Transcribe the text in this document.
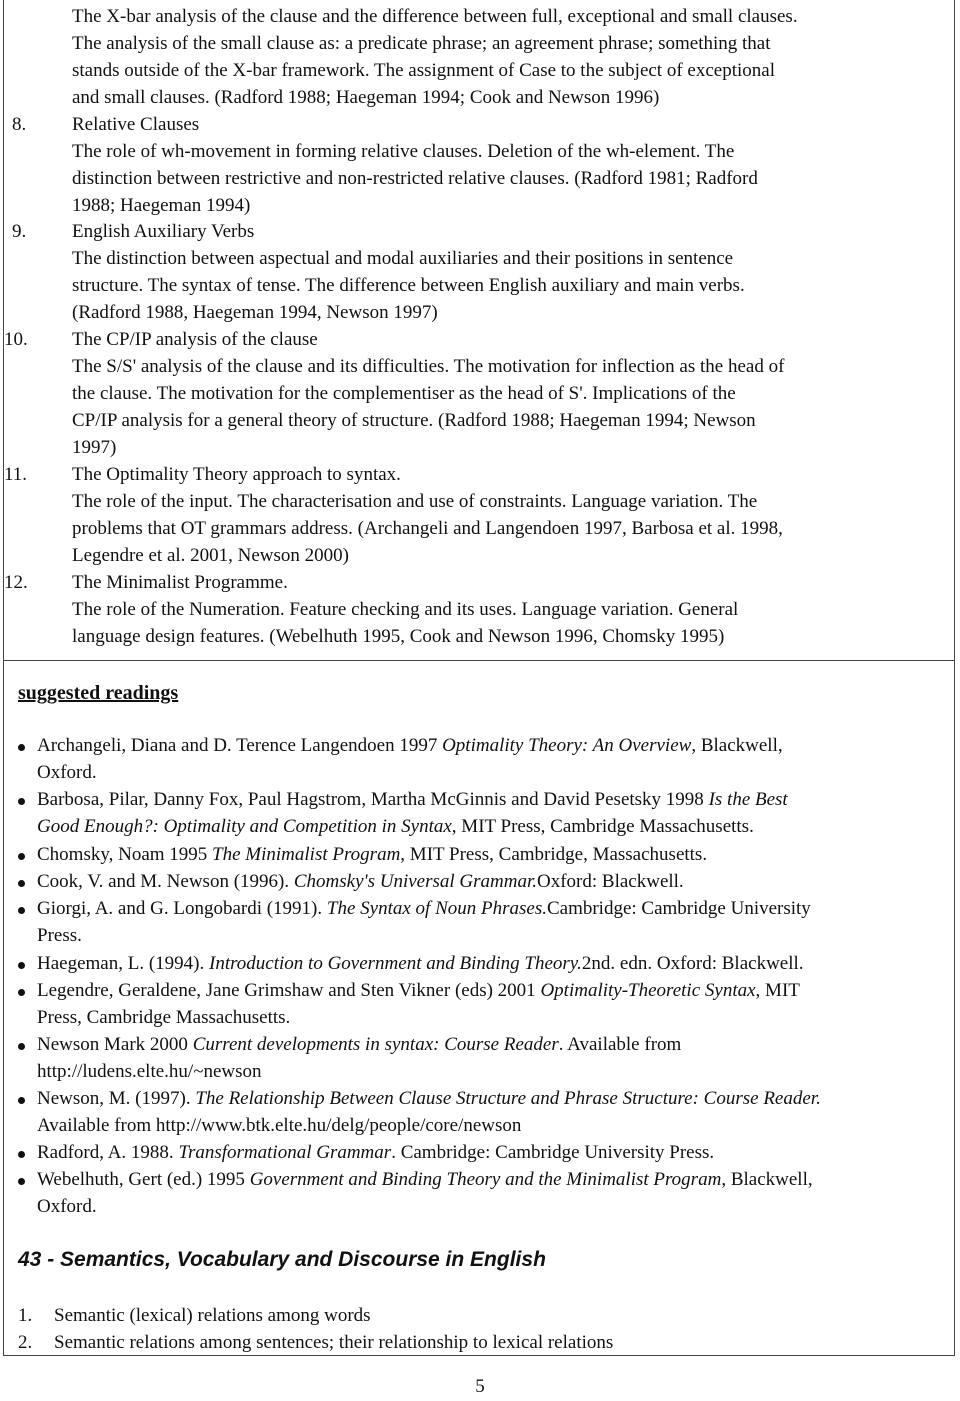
The X-bar analysis of the clause and the difference between full, exceptional and small clauses.
The analysis of the small clause as: a predicate phrase; an agreement phrase; something that
stands outside of the X-bar framework. The assignment of Case to the subject of exceptional
and small clauses. (Radford 1988; Haegeman 1994; Cook and Newson 1996)
8. Relative Clauses
The role of wh-movement in forming relative clauses. Deletion of the wh-element. The
distinction between restrictive and non-restricted relative clauses. (Radford 1981; Radford
1988; Haegeman 1994)
9. English Auxiliary Verbs
The distinction between aspectual and modal auxiliaries and their positions in sentence
structure. The syntax of tense. The difference between English auxiliary and main verbs.
(Radford 1988, Haegeman 1994, Newson 1997)
10. The CP/IP analysis of the clause
The S/S' analysis of the clause and its difficulties. The motivation for inflection as the head of
the clause. The motivation for the complementiser as the head of S'. Implications of the
CP/IP analysis for a general theory of structure. (Radford 1988; Haegeman 1994; Newson
1997)
11. The Optimality Theory approach to syntax.
The role of the input. The characterisation and use of constraints. Language variation. The
problems that OT grammars address. (Archangeli and Langendoen 1997, Barbosa et al. 1998,
Legendre et al. 2001, Newson 2000)
12. The Minimalist Programme.
The role of the Numeration. Feature checking and its uses. Language variation. General
language design features. (Webelhuth 1995, Cook and Newson 1996, Chomsky 1995)
suggested readings
Archangeli, Diana and D. Terence Langendoen 1997 Optimality Theory: An Overview, Blackwell,
Oxford.
Barbosa, Pilar, Danny Fox, Paul Hagstrom, Martha McGinnis and David Pesetsky 1998 Is the Best
Good Enough?: Optimality and Competition in Syntax, MIT Press, Cambridge Massachusetts.
Chomsky, Noam 1995 The Minimalist Program, MIT Press, Cambridge, Massachusetts.
Cook, V. and M. Newson (1996). Chomsky's Universal Grammar.Oxford: Blackwell.
Giorgi, A. and G. Longobardi (1991). The Syntax of Noun Phrases.Cambridge: Cambridge University
Press.
Haegeman, L. (1994). Introduction to Government and Binding Theory.2nd. edn. Oxford: Blackwell.
Legendre, Geraldene, Jane Grimshaw and Sten Vikner (eds) 2001 Optimality-Theoretic Syntax, MIT
Press, Cambridge Massachusetts.
Newson Mark 2000 Current developments in syntax: Course Reader. Available from
http://ludens.elte.hu/~newson
Newson, M. (1997). The Relationship Between Clause Structure and Phrase Structure: Course Reader.
Available from http://www.btk.elte.hu/delg/people/core/newson
Radford, A. 1988. Transformational Grammar. Cambridge: Cambridge University Press.
Webelhuth, Gert (ed.) 1995 Government and Binding Theory and the Minimalist Program, Blackwell,
Oxford.
43 - Semantics, Vocabulary and Discourse in English
1. Semantic (lexical) relations among words
2. Semantic relations among sentences; their relationship to lexical relations
5
